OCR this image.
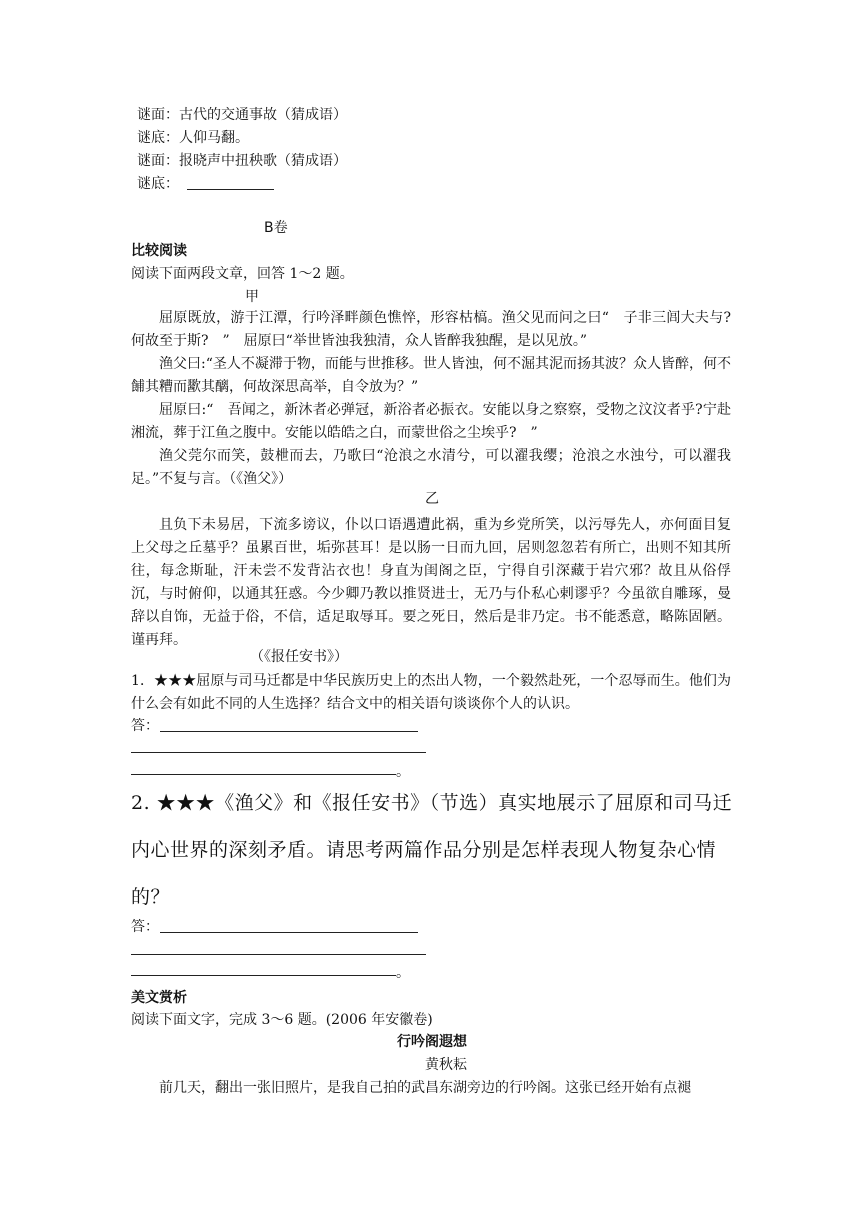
谜面：古代的交通事故（猜成语）
谜底：人仰马翻。
谜面：报晓声中扭秧歌（猜成语）
谜底：
B卷
比较阅读
阅读下面两段文章，回答 1～2 题。
甲
屈原既放，游于江潭，行吟泽畔颜色憔悴，形容枯槁。渔父见而问之曰“　子非三闾大夫与?何故至于斯?　”　屈原曰“举世皆浊我独清，众人皆醉我独醒，是以见放。”
渔父曰:“圣人不凝滞于物，而能与世推移。世人皆浊，何不淈其泥而扬其波？众人皆醉，何不餔其糟而歠其醨，何故深思高举，自令放为？”
屈原曰:“　吾闻之，新沐者必弹冠，新浴者必振衣。安能以身之察察，受物之汶汶者乎?宁赴湘流，葬于江鱼之腹中。安能以皓皓之白，而蒙世俗之尘埃乎?　”
渔父莞尔而笑，鼓枻而去，乃歌曰“沧浪之水清兮，可以濯我缨；沧浪之水浊兮，可以濯我足。”不复与言。（《渔父》）
乙
且负下未易居，下流多谤议，仆以口语遇遭此祸，重为乡党所笑，以污辱先人，亦何面目复上父母之丘墓乎？虽累百世，垢弥甚耳！是以肠一日而九回，居则忽忽若有所亡，出则不知其所往，每念斯耻，汗未尝不发背沾衣也！身直为闺阁之臣，宁得自引深藏于岩穴邪？故且从俗俘沉，与时俯仰，以通其狂惑。今少卿乃教以推贤进士，无乃与仆私心剌谬乎？今虽欲自雕琢，曼辞以自饰，无益于俗，不信，适足取辱耳。要之死日，然后是非乃定。书不能悉意，略陈固陋。谨再拜。
（《报任安书》）
1．★★★屈原与司马迁都是中华民族历史上的杰出人物，一个毅然赴死，一个忍辱而生。他们为什么会有如此不同的人生选择？结合文中的相关语句谈谈你个人的认识。
答：
。
2. ★★★《渔父》和《报任安书》（节选）真实地展示了屈原和司马迁内心世界的深刻矛盾。请思考两篇作品分别是怎样表现人物复杂心情的？
答：
。
美文赏析
阅读下面文字，完成 3～6 题。(2006 年安徽卷)
行吟阁遐想
黄秋耘
前几天，翻出一张旧照片，是我自己拍的武昌东湖旁边的行吟阁。这张已经开始有点褪
